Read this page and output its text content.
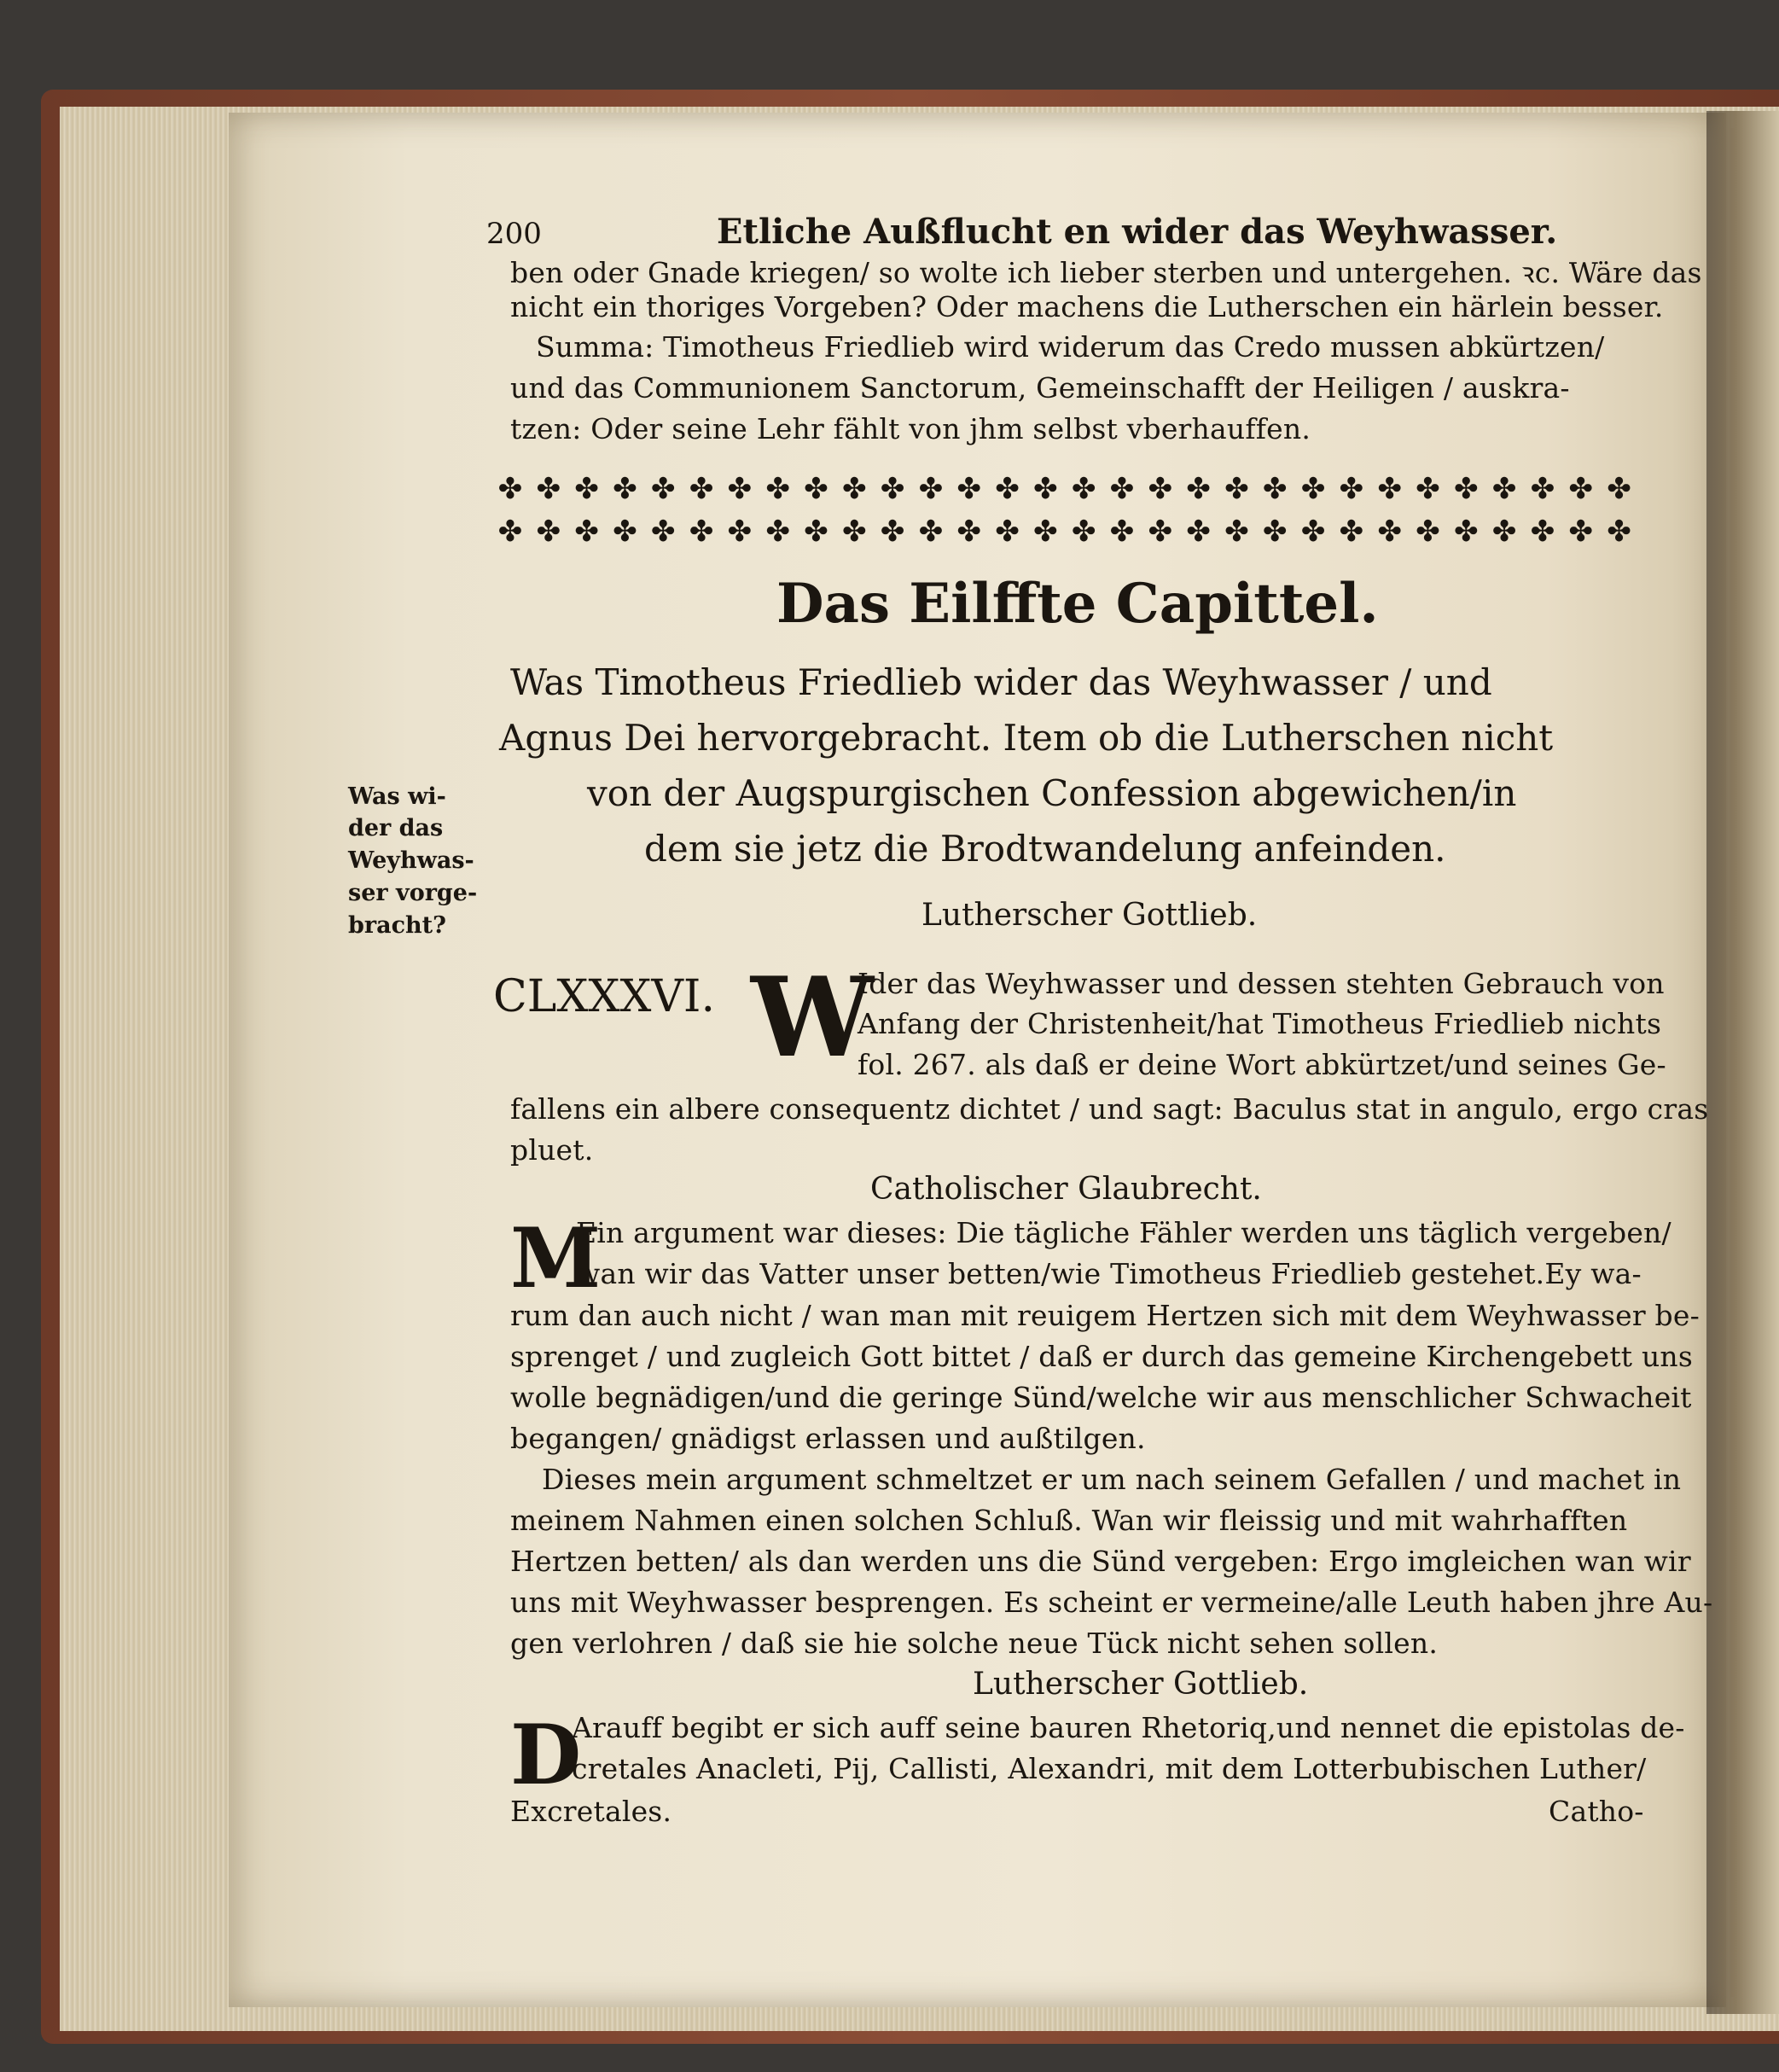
200	Etliche Außflucht en wider das Weyhwasser.
ben oder Gnade kriegen/ so wolte ich lieber sterben und untergehen. ꝛc. Wäre das
nicht ein thoriges Vorgeben? Oder machens die Lutherschen ein härlein besser.
Summa: Timotheus Friedlieb wird widerum das Credo mussen abkürtzen/
und das Communionem Sanctorum, Gemeinschafft der Heiligen / auskra-
tzen: Oder seine Lehr fählt von jhm selbst vberhauffen.
✤ ✤ ✤ ✤ ✤ ✤ ✤ ✤ ✤ ✤ ✤ ✤ ✤ ✤ ✤ ✤ ✤ ✤ ✤ ✤ ✤ ✤ ✤ ✤ ✤ ✤ ✤ ✤ ✤ ✤
✤ ✤ ✤ ✤ ✤ ✤ ✤ ✤ ✤ ✤ ✤ ✤ ✤ ✤ ✤ ✤ ✤ ✤ ✤ ✤ ✤ ✤ ✤ ✤ ✤ ✤ ✤ ✤ ✤ ✤
Das Eilffte Capittel.
Was Timotheus Friedlieb wider das Weyhwasser / und
Agnus Dei hervorgebracht. Item ob die Lutherschen nicht
von der Augspurgischen Confession abgewichen/in
dem sie jetz die Brodtwandelung anfeinden.
Was wi-
der das
Weyhwas-
ser vorge-
bracht?	Lutherscher Gottlieb.
CLXXXVI. W
Ider das Weyhwasser und dessen stehten Gebrauch von
Anfang der Christenheit/hat Timotheus Friedlieb nichts
fol. 267. als daß er deine Wort abkürtzet/und seines Ge-
fallens ein albere consequentz dichtet / und sagt: Baculus stat in angulo, ergo cras
pluet.
Catholischer Glaubrecht.
M
Ein argument war dieses: Die tägliche Fähler werden uns täglich vergeben/
wan wir das Vatter unser betten/wie Timotheus Friedlieb gestehet.Ey wa-
rum dan auch nicht / wan man mit reuigem Hertzen sich mit dem Weyhwasser be-
sprenget / und zugleich Gott bittet / daß er durch das gemeine Kirchengebett uns
wolle begnädigen/und die geringe Sünd/welche wir aus menschlicher Schwacheit
begangen/ gnädigst erlassen und außtilgen.
Dieses mein argument schmeltzet er um nach seinem Gefallen / und machet in
meinem Nahmen einen solchen Schluß. Wan wir fleissig und mit wahrhafften
Hertzen betten/ als dan werden uns die Sünd vergeben: Ergo imgleichen wan wir
uns mit Weyhwasser besprengen. Es scheint er vermeine/alle Leuth haben jhre Au-
gen verlohren / daß sie hie solche neue Tück nicht sehen sollen.
Lutherscher Gottlieb.
D
Arauff begibt er sich auff seine bauren Rhetoriq,und nennet die epistolas de-
cretales Anacleti, Pij, Callisti, Alexandri, mit dem Lotterbubischen Luther/
Excretales.	Catho-
